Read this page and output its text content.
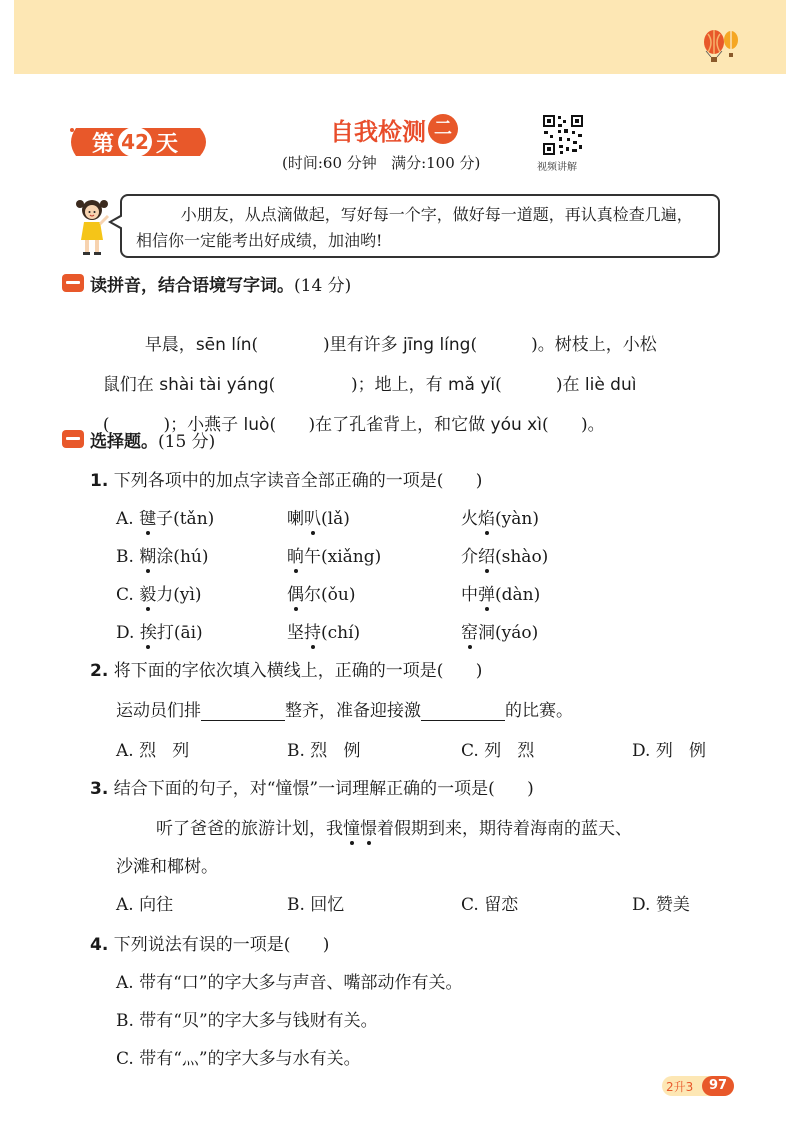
第 42 天	自我检测 二
(时间:60 分钟   满分:100 分)	视频讲解
小朋友，从点滴做起，写好每一个字，做好每一道题，再认真检查几遍，相信你一定能考出好成绩，加油哟!
读拼音，结合语境写字词。 (14 分)

早晨，sēn lín(            )里有许多 jīng líng(          )。树枝上，小松

鼠们在 shài tài yáng(              )；地上，有 mǎ yǐ(          )在 liè duì

(          )；小燕子 luò(      )在了孔雀背上，和它做 yóu xì(      )。

选择题。 (15 分)
1. 下列各项中的加点字读音全部正确的一项是(      )
A. 毽子(tǎn)	喇叭(lǎ)	火焰(yàn)
B. 糊涂(hú)	晌午(xiǎng)	介绍(shào)
C. 毅力(yì)	偶尔(ǒu)	中弹(dàn)
D. 挨打(āi)	坚持(chí)	窑洞(yáo)
2. 将下面的字依次填入横线上，正确的一项是(      )
运动员们排	整齐，准备迎接激	的比赛。
A. 烈   列	B. 烈   例	C. 列   烈	D. 列   例
3. 结合下面的句子，对“憧憬”一词理解正确的一项是(      )
听了爸爸的旅游计划，我憧憬着假期到来，期待着海南的蓝天、
沙滩和椰树。
A. 向往	B. 回忆	C. 留恋	D. 赞美
4. 下列说法有误的一项是(      )
A. 带有“口”的字大多与声音、嘴部动作有关。
B. 带有“贝”的字大多与钱财有关。
C. 带有“灬”的字大多与水有关。
2升3	97
